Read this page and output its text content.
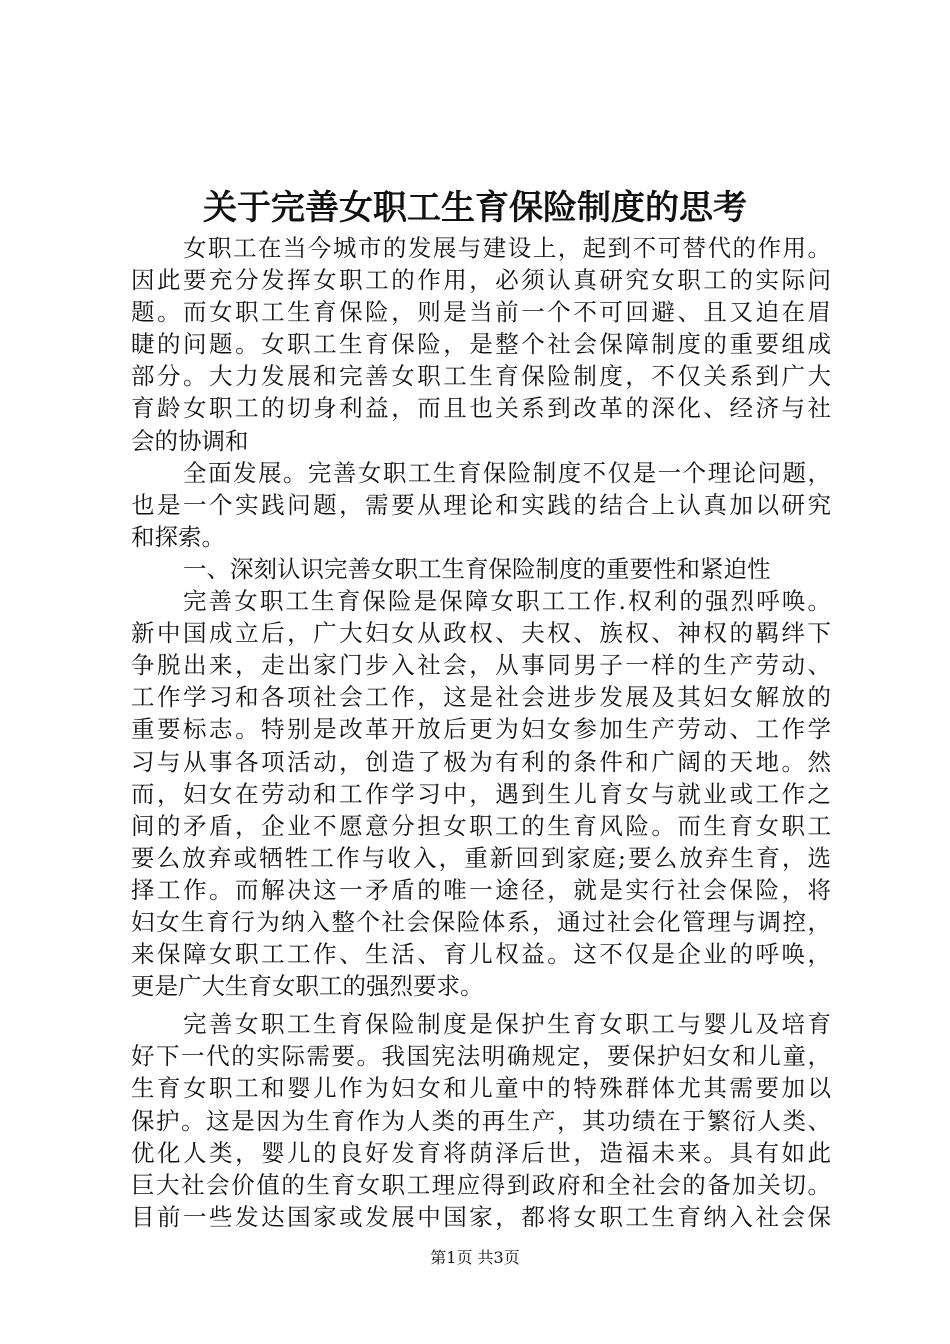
关于完善女职工生育保险制度的思考
女职工在当今城市的发展与建设上，起到不可替代的作用。
因此要充分发挥女职工的作用，必须认真研究女职工的实际问
题。而女职工生育保险，则是当前一个不可回避、且又迫在眉
睫的问题。女职工生育保险，是整个社会保障制度的重要组成
部分。大力发展和完善女职工生育保险制度，不仅关系到广大
育龄女职工的切身利益，而且也关系到改革的深化、经济与社
会的协调和
全面发展。完善女职工生育保险制度不仅是一个理论问题，
也是一个实践问题，需要从理论和实践的结合上认真加以研究
和探索。
一、深刻认识完善女职工生育保险制度的重要性和紧迫性
完善女职工生育保险是保障女职工工作.权利的强烈呼唤。
新中国成立后，广大妇女从政权、夫权、族权、神权的羁绊下
争脱出来，走出家门步入社会，从事同男子一样的生产劳动、
工作学习和各项社会工作，这是社会进步发展及其妇女解放的
重要标志。特别是改革开放后更为妇女参加生产劳动、工作学
习与从事各项活动，创造了极为有利的条件和广阔的天地。然
而，妇女在劳动和工作学习中，遇到生儿育女与就业或工作之
间的矛盾，企业不愿意分担女职工的生育风险。而生育女职工
要么放弃或牺牲工作与收入，重新回到家庭;要么放弃生育，选
择工作。而解决这一矛盾的唯一途径，就是实行社会保险，将
妇女生育行为纳入整个社会保险体系，通过社会化管理与调控，
来保障女职工工作、生活、育儿权益。这不仅是企业的呼唤，
更是广大生育女职工的强烈要求。
完善女职工生育保险制度是保护生育女职工与婴儿及培育
好下一代的实际需要。我国宪法明确规定，要保护妇女和儿童，
生育女职工和婴儿作为妇女和儿童中的特殊群体尤其需要加以
保护。这是因为生育作为人类的再生产，其功绩在于繁衍人类、
优化人类，婴儿的良好发育将荫泽后世，造福未来。具有如此
巨大社会价值的生育女职工理应得到政府和全社会的备加关切。
目前一些发达国家或发展中国家，都将女职工生育纳入社会保
第1页 共3页
